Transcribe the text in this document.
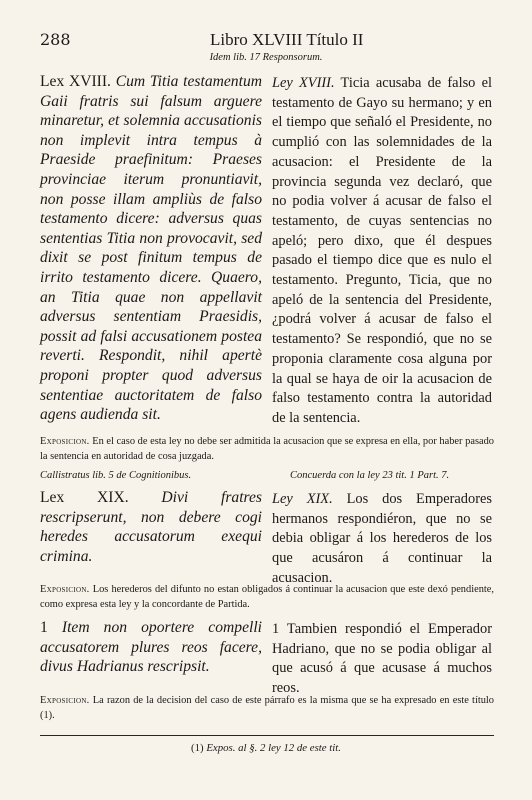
288	Libro XLVIII Título II
Idem lib. 17 Responsorum.
Lex XVIII. Cum Titia testamentum Gaii fratris sui falsum arguere minaretur, et solemnia accusationis non implevit intra tempus à Praeside praefinitum: Praeses provinciae iterum pronuntiavit, non posse illam ampliùs de falso testamento dicere: adversus quas sententias Titia non provocavit, sed dixit se post finitum tempus de irrito testamento dicere. Quaero, an Titia quae non appellavit adversus sententiam Praesidis, possit ad falsi accusationem postea reverti. Respondit, nihil apertè proponi propter quod adversus sententiae auctoritatem de falso agens audienda sit.
Ley XVIII. Ticia acusaba de falso el testamento de Gayo su hermano; y en el tiempo que señaló el Presidente, no cumplió con las solemnidades de la acusacion: el Presidente de la provincia segunda vez declaró, que no podia volver á acusar de falso el testamento, de cuyas sentencias no apeló; pero dixo, que él despues pasado el tiempo dice que es nulo el testamento. Pregunto, Ticia, que no apeló de la sentencia del Presidente, ¿podrá volver á acusar de falso el testamento? Se respondió, que no se proponia claramente cosa alguna por la qual se haya de oir la acusacion de falso testamento contra la autoridad de la sentencia.
Exposicion. En el caso de esta ley no debe ser admitida la acusacion que se expresa en ella, por haber pasado la sentencia en autoridad de cosa juzgada.
Callistratus lib. 5 de Cognitionibus.	Concuerda con la ley 23 tit. 1 Part. 7.
Lex XIX. Divi fratres rescripserunt, non debere cogi heredes accusatorum exequi crimina.
Ley XIX. Los dos Emperadores hermanos respondiéron, que no se debia obligar á los herederos de los que acusáron á continuar la acusacion.
Exposicion. Los herederos del difunto no estan obligados á continuar la acusacion que este dexó pendiente, como expresa esta ley y la concordante de Partida.
1 Item non oportere compelli accusatorem plures reos facere, divus Hadrianus rescripsit.
1 Tambien respondió el Emperador Hadriano, que no se podia obligar al que acusó á que acusase á muchos reos.
Exposicion. La razon de la decision del caso de este párrafo es la misma que se ha expresado en este título (1).
(1) Expos. al §. 2 ley 12 de este tit.
